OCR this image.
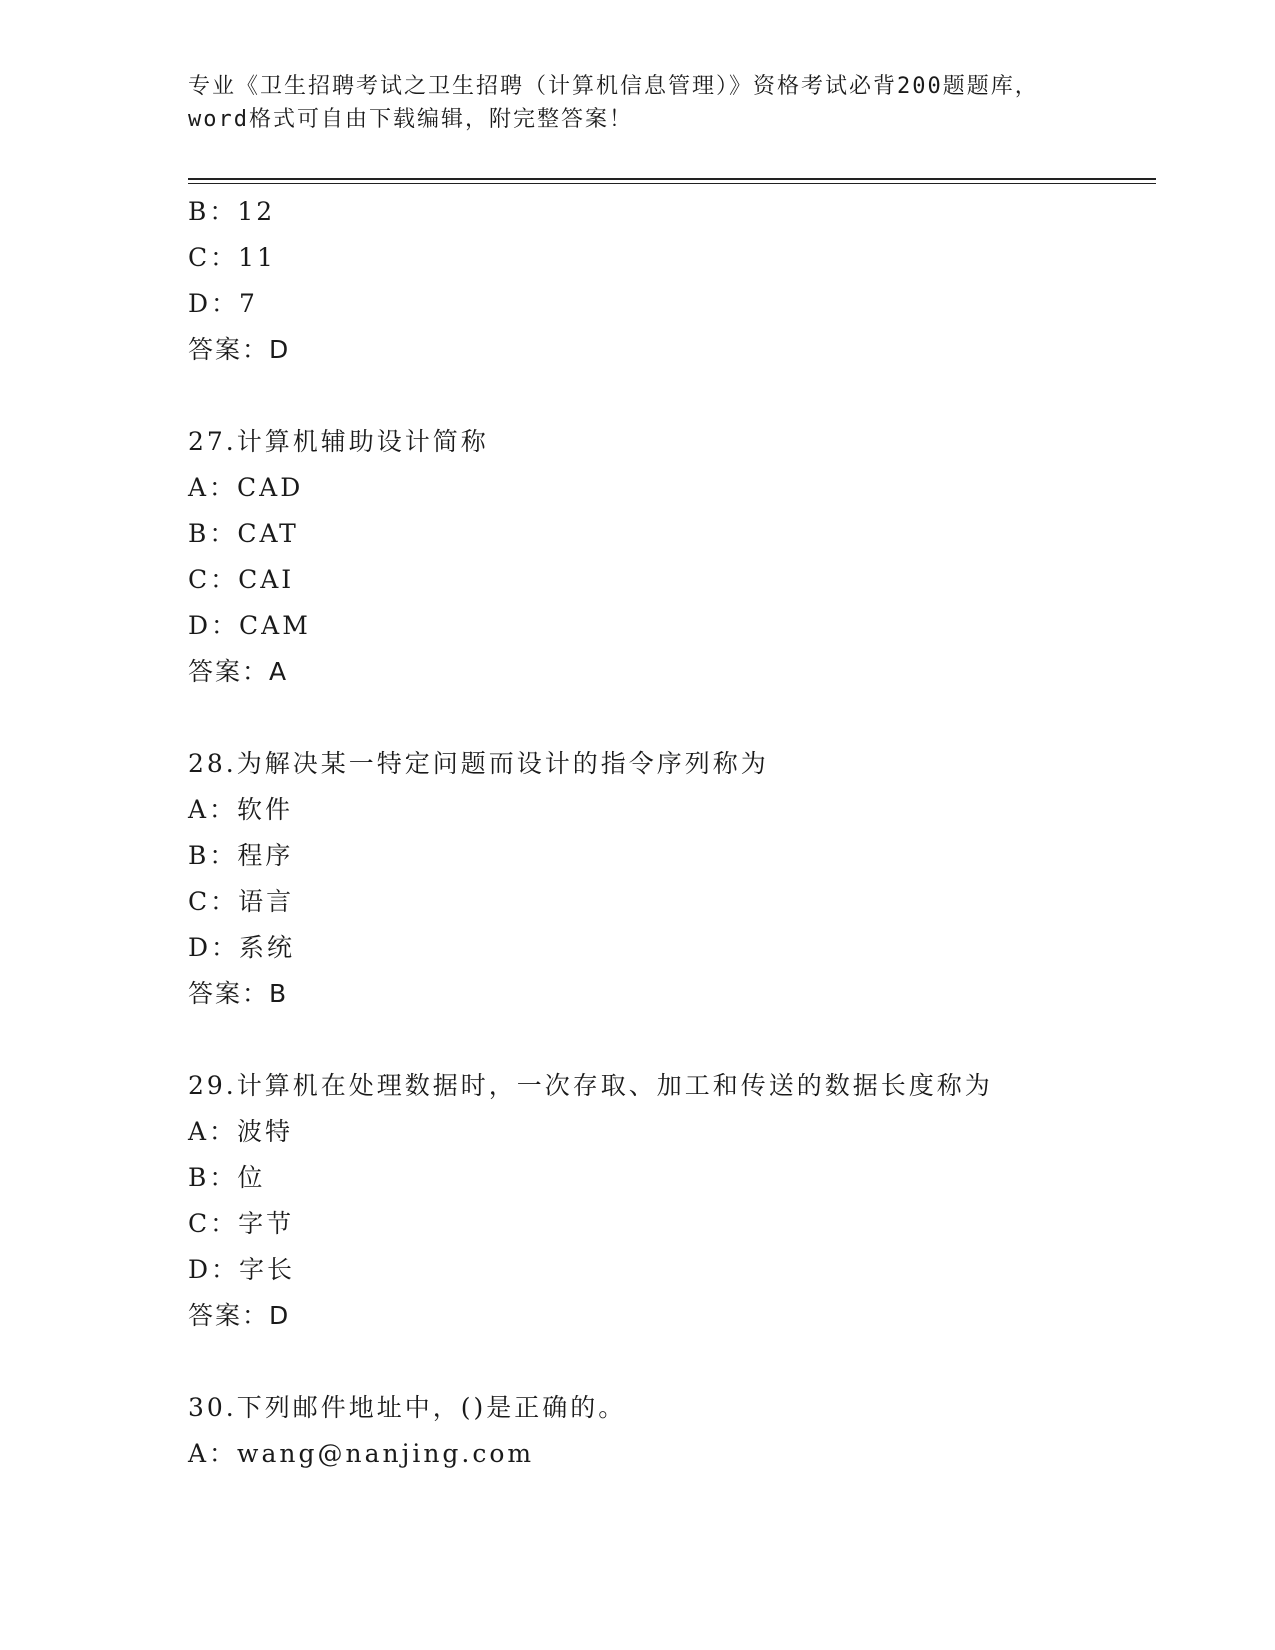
专业《卫生招聘考试之卫生招聘（计算机信息管理）》资格考试必背200题题库，
word格式可自由下载编辑，附完整答案！
B：12
C：11
D：7
答案：D
27.计算机辅助设计简称
A：CAD
B：CAT
C：CAI
D：CAM
答案：A
28.为解决某一特定问题而设计的指令序列称为
A：软件
B：程序
C：语言
D：系统
答案：B
29.计算机在处理数据时，一次存取、加工和传送的数据长度称为
A：波特
B：位
C：字节
D：字长
答案：D
30.下列邮件地址中，()是正确的。
A：wang@nanjing.com
